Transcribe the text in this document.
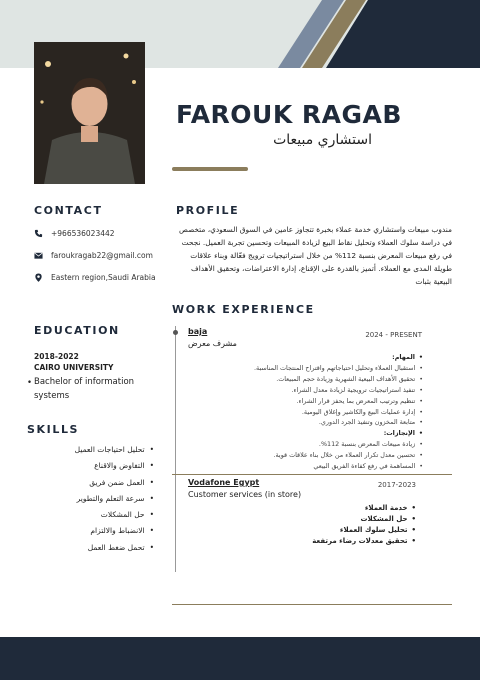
FAROUK RAGAB
استشاري مبيعات
CONTACT
+966536023442
faroukragab22@gmail.com
Eastern region,Saudi Arabia
PROFILE
مندوب مبيعات واستشاري خدمة عملاء بخبرة تتجاوز عامين في السوق السعودي، متخصص في دراسة سلوك العملاء وتحليل نقاط البيع لزيادة المبيعات وتحسين تجربة العميل. نجحت في رفع مبيعات المعرض بنسبة 112% من خلال استراتيجيات ترويج فعّالة وبناء علاقات طويلة المدى مع العملاء. أتميز بالقدرة على الإقناع، إدارة الاعتراضات، وتحقيق الأهداف البيعية بثبات
EDUCATION
2018-2022
CAIRO UNIVERSITY
• Bachelor of information
systems
SKILLS
• تحليل احتياجات العميل
• التفاوض والاقناع
• العمل ضمن فريق
• سرعة التعلم والتطوير
• حل المشكلات
• الانضباط والالتزام
• تحمل ضغط العمل
WORK EXPERIENCE
baja	2024 - PRESENT
مشرف معرض
• المهام:
• استقبال العملاء وتحليل احتياجاتهم واقتراح المنتجات المناسبة.
• تحقيق الأهداف البيعية الشهرية وزيادة حجم المبيعات.
• تنفيذ استراتيجيات ترويجية لزيادة معدل الشراء.
• تنظيم وترتيب المعرض بما يحفز قرار الشراء.
• إدارة عمليات البيع والكاشير وإغلاق اليومية.
• متابعة المخزون وتنفيذ الجرد الدوري.
• الإنجازات:
• زيادة مبيعات المعرض بنسبة 112%.
• تحسين معدل تكرار العملاء من خلال بناء علاقات قوية.
• المساهمة في رفع كفاءة الفريق البيعي
Vodafone Egypt	2017-2023
Customer services (in store)
• خدمة العملاء
• حل المشكلات
• تحليل سلوك العملاء
• تحقيق معدلات رضاء مرتفعة
